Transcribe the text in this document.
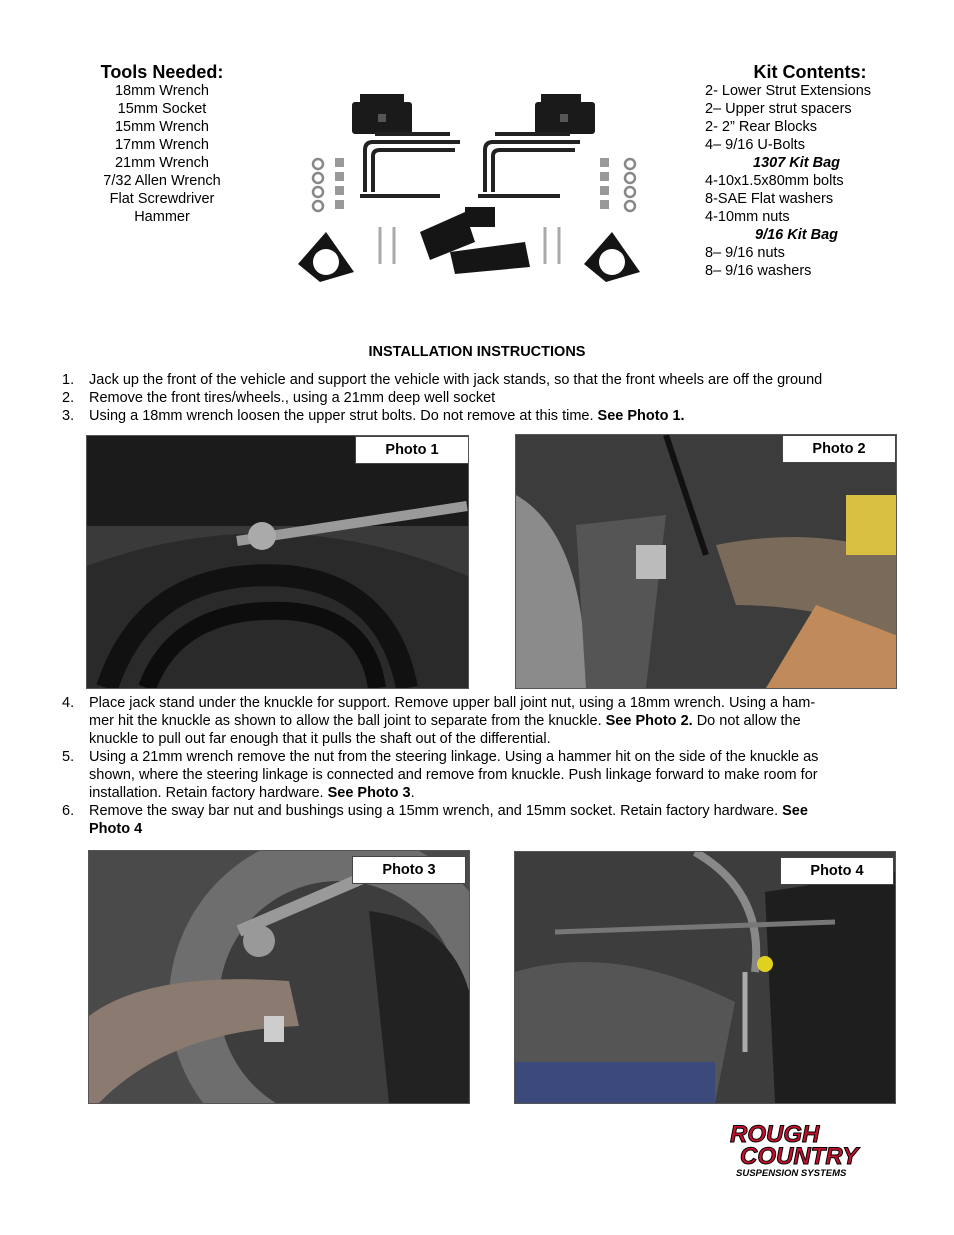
Tools Needed:
18mm Wrench
15mm Socket
15mm Wrench
17mm Wrench
21mm Wrench
7/32 Allen Wrench
Flat Screwdriver
Hammer
Kit Contents:
2- Lower Strut Extensions
2– Upper strut spacers
2- 2” Rear Blocks
4– 9/16 U-Bolts
1307 Kit Bag
4-10x1.5x80mm bolts
8-SAE Flat washers
4-10mm nuts
9/16 Kit Bag
8– 9/16 nuts
8– 9/16 washers
INSTALLATION INSTRUCTIONS
1. Jack up the front of the vehicle and support the vehicle with jack stands, so that the front wheels are off the ground
2. Remove the front tires/wheels., using a 21mm deep well socket
3. Using a 18mm wrench loosen the upper strut bolts. Do not remove at this time. See Photo 1.
Photo 1	Photo 2
4. Place jack stand under the knuckle for support. Remove upper ball joint nut, using a 18mm wrench. Using a ham-
mer hit the knuckle as shown to allow the ball joint to separate from the knuckle. See Photo 2. Do not allow the
knuckle to pull out far enough that it pulls the shaft out of the differential.
5. Using a 21mm wrench remove the nut from the steering linkage. Using a hammer hit on the side of the knuckle as
shown, where the steering linkage is connected and remove from knuckle. Push linkage forward to make room for
installation. Retain factory hardware. See Photo 3.
6. Remove the sway bar nut and bushings using a 15mm wrench, and 15mm socket. Retain factory hardware. See
Photo 4
Photo 3	Photo 4
ROUGH
COUNTRY
SUSPENSION SYSTEMS
